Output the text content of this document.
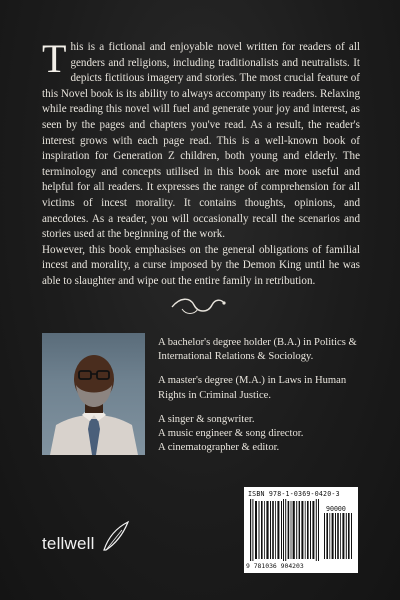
This is a fictional and enjoyable novel written for readers of all genders and religions, including traditionalists and neutralists. It depicts fictitious imagery and stories. The most crucial feature of this Novel book is its ability to always accompany its readers. Relaxing while reading this novel will fuel and generate your joy and interest, as seen by the pages and chapters you've read. As a result, the reader's interest grows with each page read. This is a well-known book of inspiration for Generation Z children, both young and elderly. The terminology and concepts utilised in this book are more useful and helpful for all readers. It expresses the range of comprehension for all victims of incest morality. It contains thoughts, opinions, and anecdotes. As a reader, you will occasionally recall the scenarios and stories used at the beginning of the work.

However, this book emphasises on the general obligations of familial incest and morality, a curse imposed by the Demon King until he was able to slaughter and wipe out the entire family in retribution.

A bachelor's degree holder (B.A.) in Politics & International Relations & Sociology.

A master's degree (M.A.) in Laws in Human Rights in Criminal Justice.

A singer & songwriter.

A music engineer & song director.

A cinematographer & editor.

tellwell
ISBN 978-1-0369-0420-3
90000
9 781036 904203
